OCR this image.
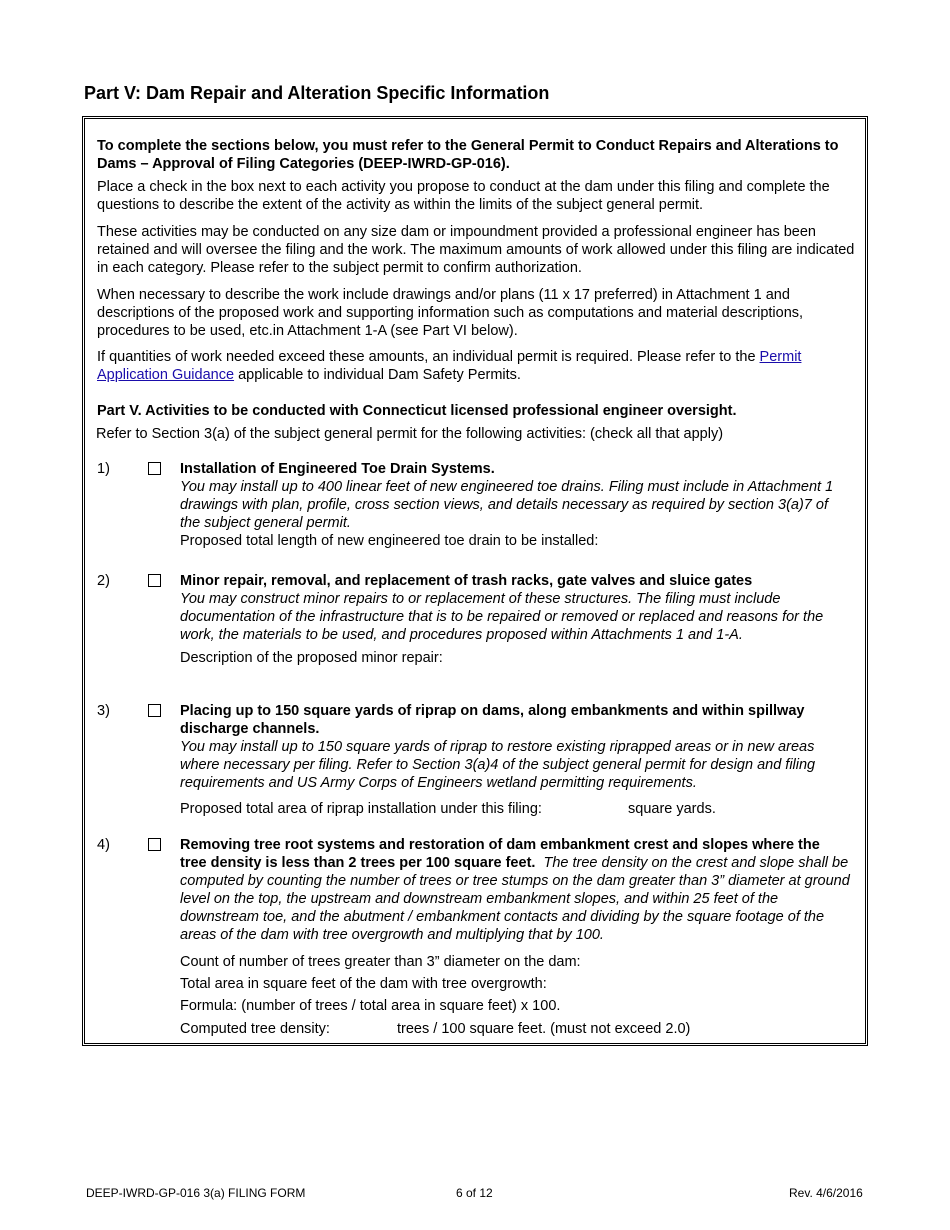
Part V: Dam Repair and Alteration Specific Information
To complete the sections below, you must refer to the General Permit to Conduct Repairs and Alterations to Dams – Approval of Filing Categories (DEEP-IWRD-GP-016).
Place a check in the box next to each activity you propose to conduct at the dam under this filing and complete the questions to describe the extent of the activity as within the limits of the subject general permit.
These activities may be conducted on any size dam or impoundment provided a professional engineer has been retained and will oversee the filing and the work. The maximum amounts of work allowed under this filing are indicated in each category. Please refer to the subject permit to confirm authorization.
When necessary to describe the work include drawings and/or plans (11 x 17 preferred) in Attachment 1 and descriptions of the proposed work and supporting information such as computations and material descriptions, procedures to be used, etc.in Attachment 1-A (see Part VI below).
If quantities of work needed exceed these amounts, an individual permit is required. Please refer to the Permit Application Guidance applicable to individual Dam Safety Permits.
Part V. Activities to be conducted with Connecticut licensed professional engineer oversight.
Refer to Section 3(a) of the subject general permit for the following activities: (check all that apply)
1)	Installation of Engineered Toe Drain Systems.
You may install up to 400 linear feet of new engineered toe drains. Filing must include in Attachment 1 drawings with plan, profile, cross section views, and details necessary as required by section 3(a)7 of the subject general permit.
Proposed total length of new engineered toe drain to be installed:
2)	Minor repair, removal, and replacement of trash racks, gate valves and sluice gates
You may construct minor repairs to or replacement of these structures. The filing must include documentation of the infrastructure that is to be repaired or removed or replaced and reasons for the work, the materials to be used, and procedures proposed within Attachments 1 and 1-A.
Description of the proposed minor repair:
3)	Placing up to 150 square yards of riprap on dams, along embankments and within spillway discharge channels.
You may install up to 150 square yards of riprap to restore existing riprapped areas or in new areas where necessary per filing. Refer to Section 3(a)4 of the subject general permit for design and filing requirements and US Army Corps of Engineers wetland permitting requirements.
Proposed total area of riprap installation under this filing:	square yards.
4)	Removing tree root systems and restoration of dam embankment crest and slopes where the tree density is less than 2 trees per 100 square feet. The tree density on the crest and slope shall be computed by counting the number of trees or tree stumps on the dam greater than 3” diameter at ground level on the top, the upstream and downstream embankment slopes, and within 25 feet of the downstream toe, and the abutment / embankment contacts and dividing by the square footage of the areas of the dam with tree overgrowth and multiplying that by 100.
Count of number of trees greater than 3” diameter on the dam:
Total area in square feet of the dam with tree overgrowth:
Formula: (number of trees / total area in square feet) x 100.
Computed tree density:	trees / 100 square feet. (must not exceed 2.0)
DEEP-IWRD-GP-016 3(a) FILING FORM	6 of 12	Rev. 4/6/2016
